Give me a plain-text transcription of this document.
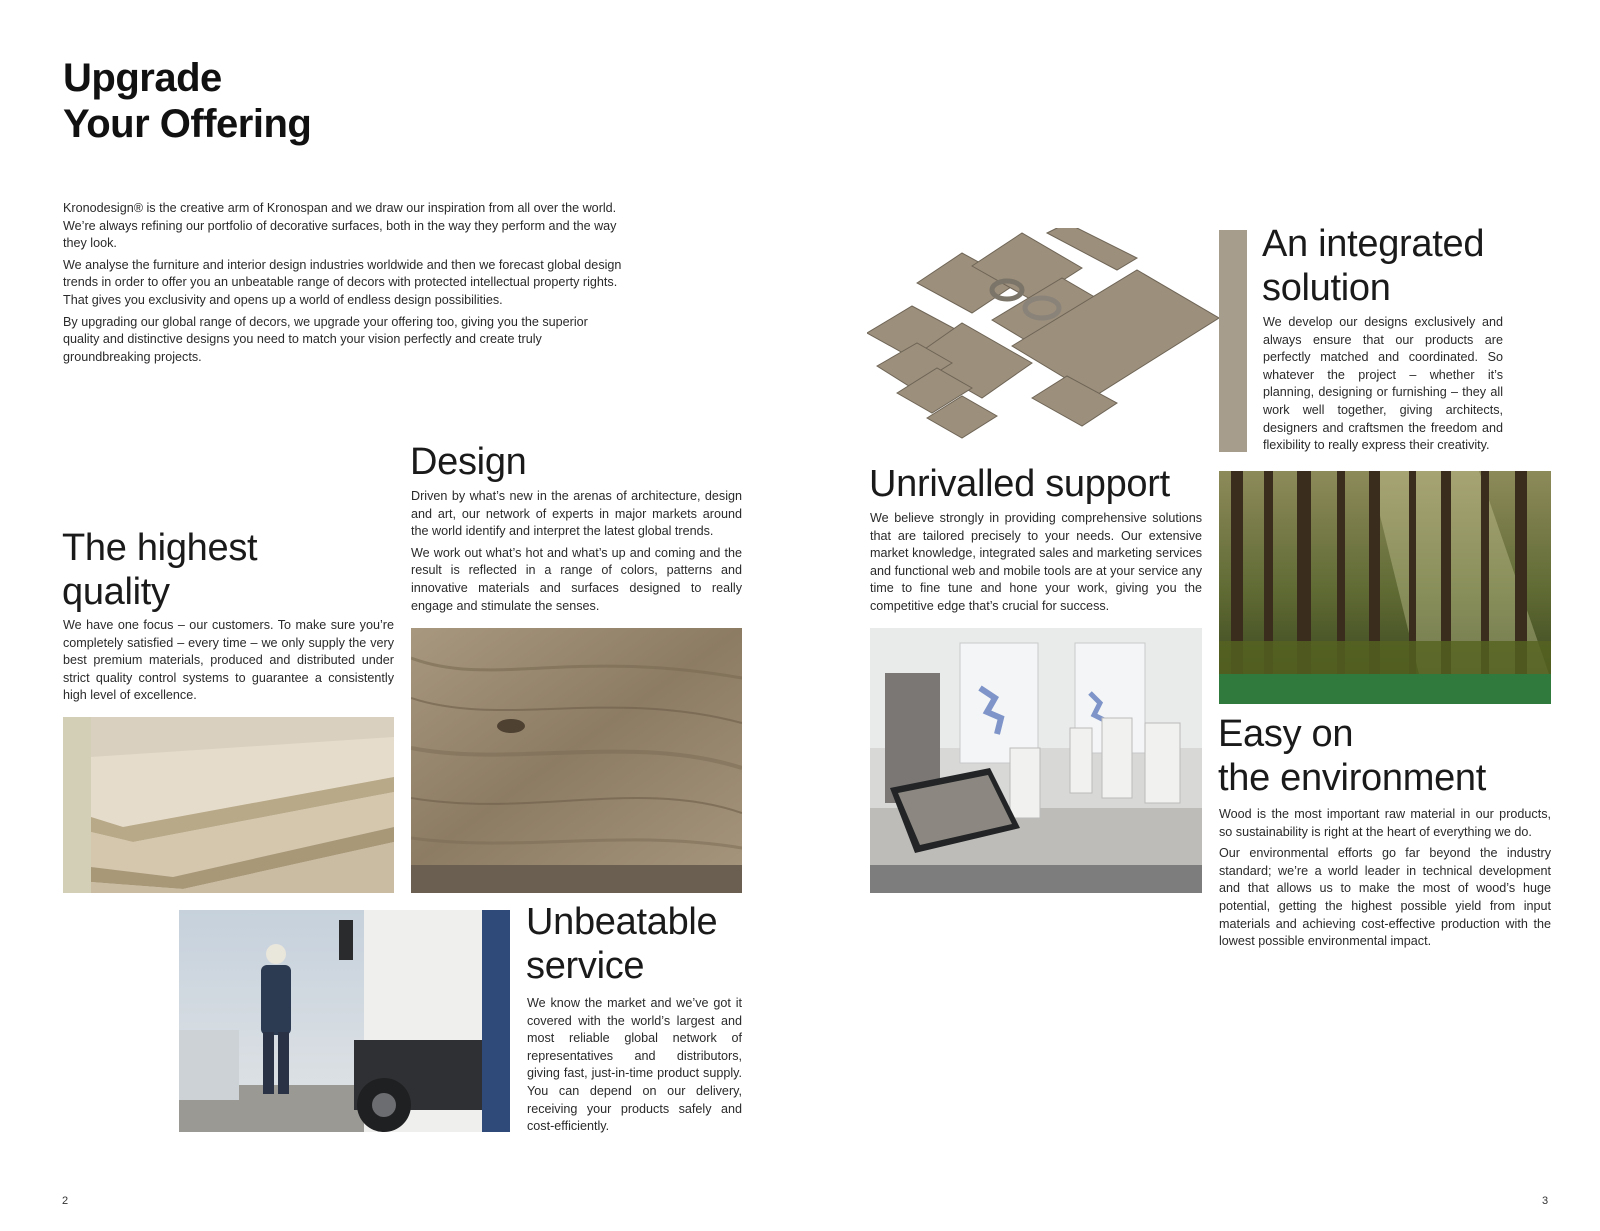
Upgrade
Your Offering

Kronodesign® is the creative arm of Kronospan and we draw our inspiration from all over the world. We’re always refining our portfolio of decorative surfaces, both in the way they perform and the way they look.

We analyse the furniture and interior design industries worldwide and then we forecast global design trends in order to offer you an unbeatable range of decors with protected intellectual property rights. That gives you exclusivity and opens up a world of endless design possibilities.

By upgrading our global range of decors, we upgrade your offering too, giving you the superior quality and distinctive designs you need to match your vision perfectly and create truly groundbreaking projects.

The highest
quality

We have one focus – our customers. To make sure you’re completely satisfied – every time – we only supply the very best premium materials, produced and distributed under strict quality control systems to guarantee a consistently high level of excellence.

Design

Driven by what’s new in the arenas of architecture, design and art, our network of experts in major markets around the world identify and interpret the latest global trends.

We work out what’s hot and what’s up and coming and the result is reflected in a range of colors, patterns and innovative materials and surfaces designed to really engage and stimulate the senses.

Unbeatable
service

We know the market and we’ve got it covered with the world’s largest and most reliable global network of representatives and distributors, giving fast, just-in-time product supply. You can depend on our delivery, receiving your products safely and cost-efficiently.

2
An integrated
solution

We develop our designs exclusively and always ensure that our products are perfectly matched and coordinated. So whatever the project – whether it’s planning, designing or furnishing – they all work well together, giving architects, designers and craftsmen the freedom and flexibility to really express their creativity.

Unrivalled support

We believe strongly in providing comprehensive solutions that are tailored precisely to your needs. Our extensive market knowledge, integrated sales and marketing services and functional web and mobile tools are at your service any time to fine tune and hone your work, giving you the competitive edge that’s crucial for success.

Easy on
the environment

Wood is the most important raw material in our products, so sustainability is right at the heart of everything we do.

Our environmental efforts go far beyond the industry standard; we’re a world leader in technical development and that allows us to make the most of wood’s huge potential, getting the highest possible yield from input materials and achieving cost-effective production with the lowest possible environmental impact.

3
